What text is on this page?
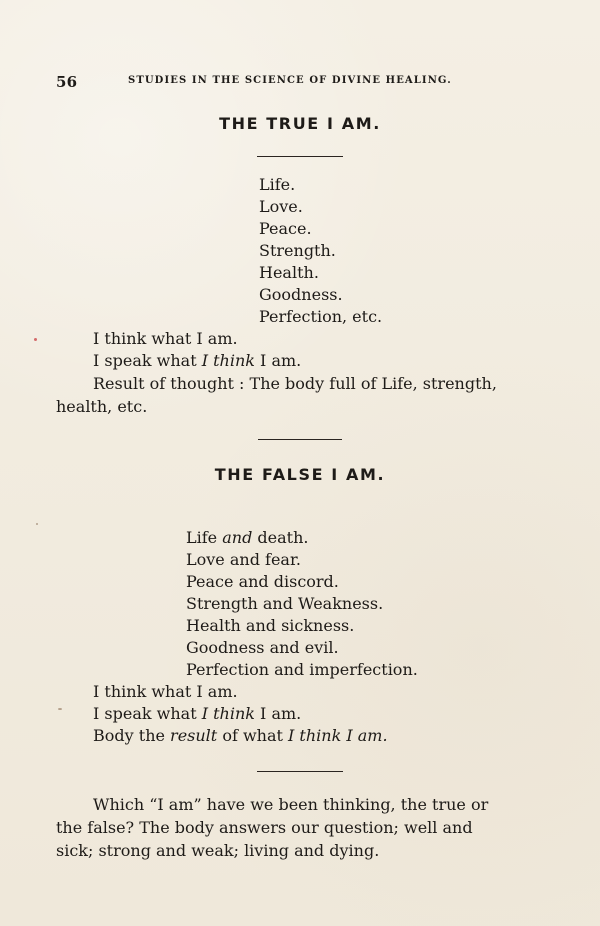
56	STUDIES IN THE SCIENCE OF DIVINE HEALING.
THE TRUE I AM.
Life.
Love.
Peace.
Strength.
Health.
Goodness.
Perfection, etc.
I think what I am.
I speak what I think I am.
Result of thought : The body full of Life, strength,
health, etc.
THE FALSE I AM.
Life and death.
Love and fear.
Peace and discord.
Strength and Weakness.
Health and sickness.
Goodness and evil.
Perfection and imperfection.
I think what I am.
I speak what I think I am.
Body the result of what I think I am.
Which “I am” have we been thinking, the true or
the false? The body answers our question; well and
sick; strong and weak; living and dying.
